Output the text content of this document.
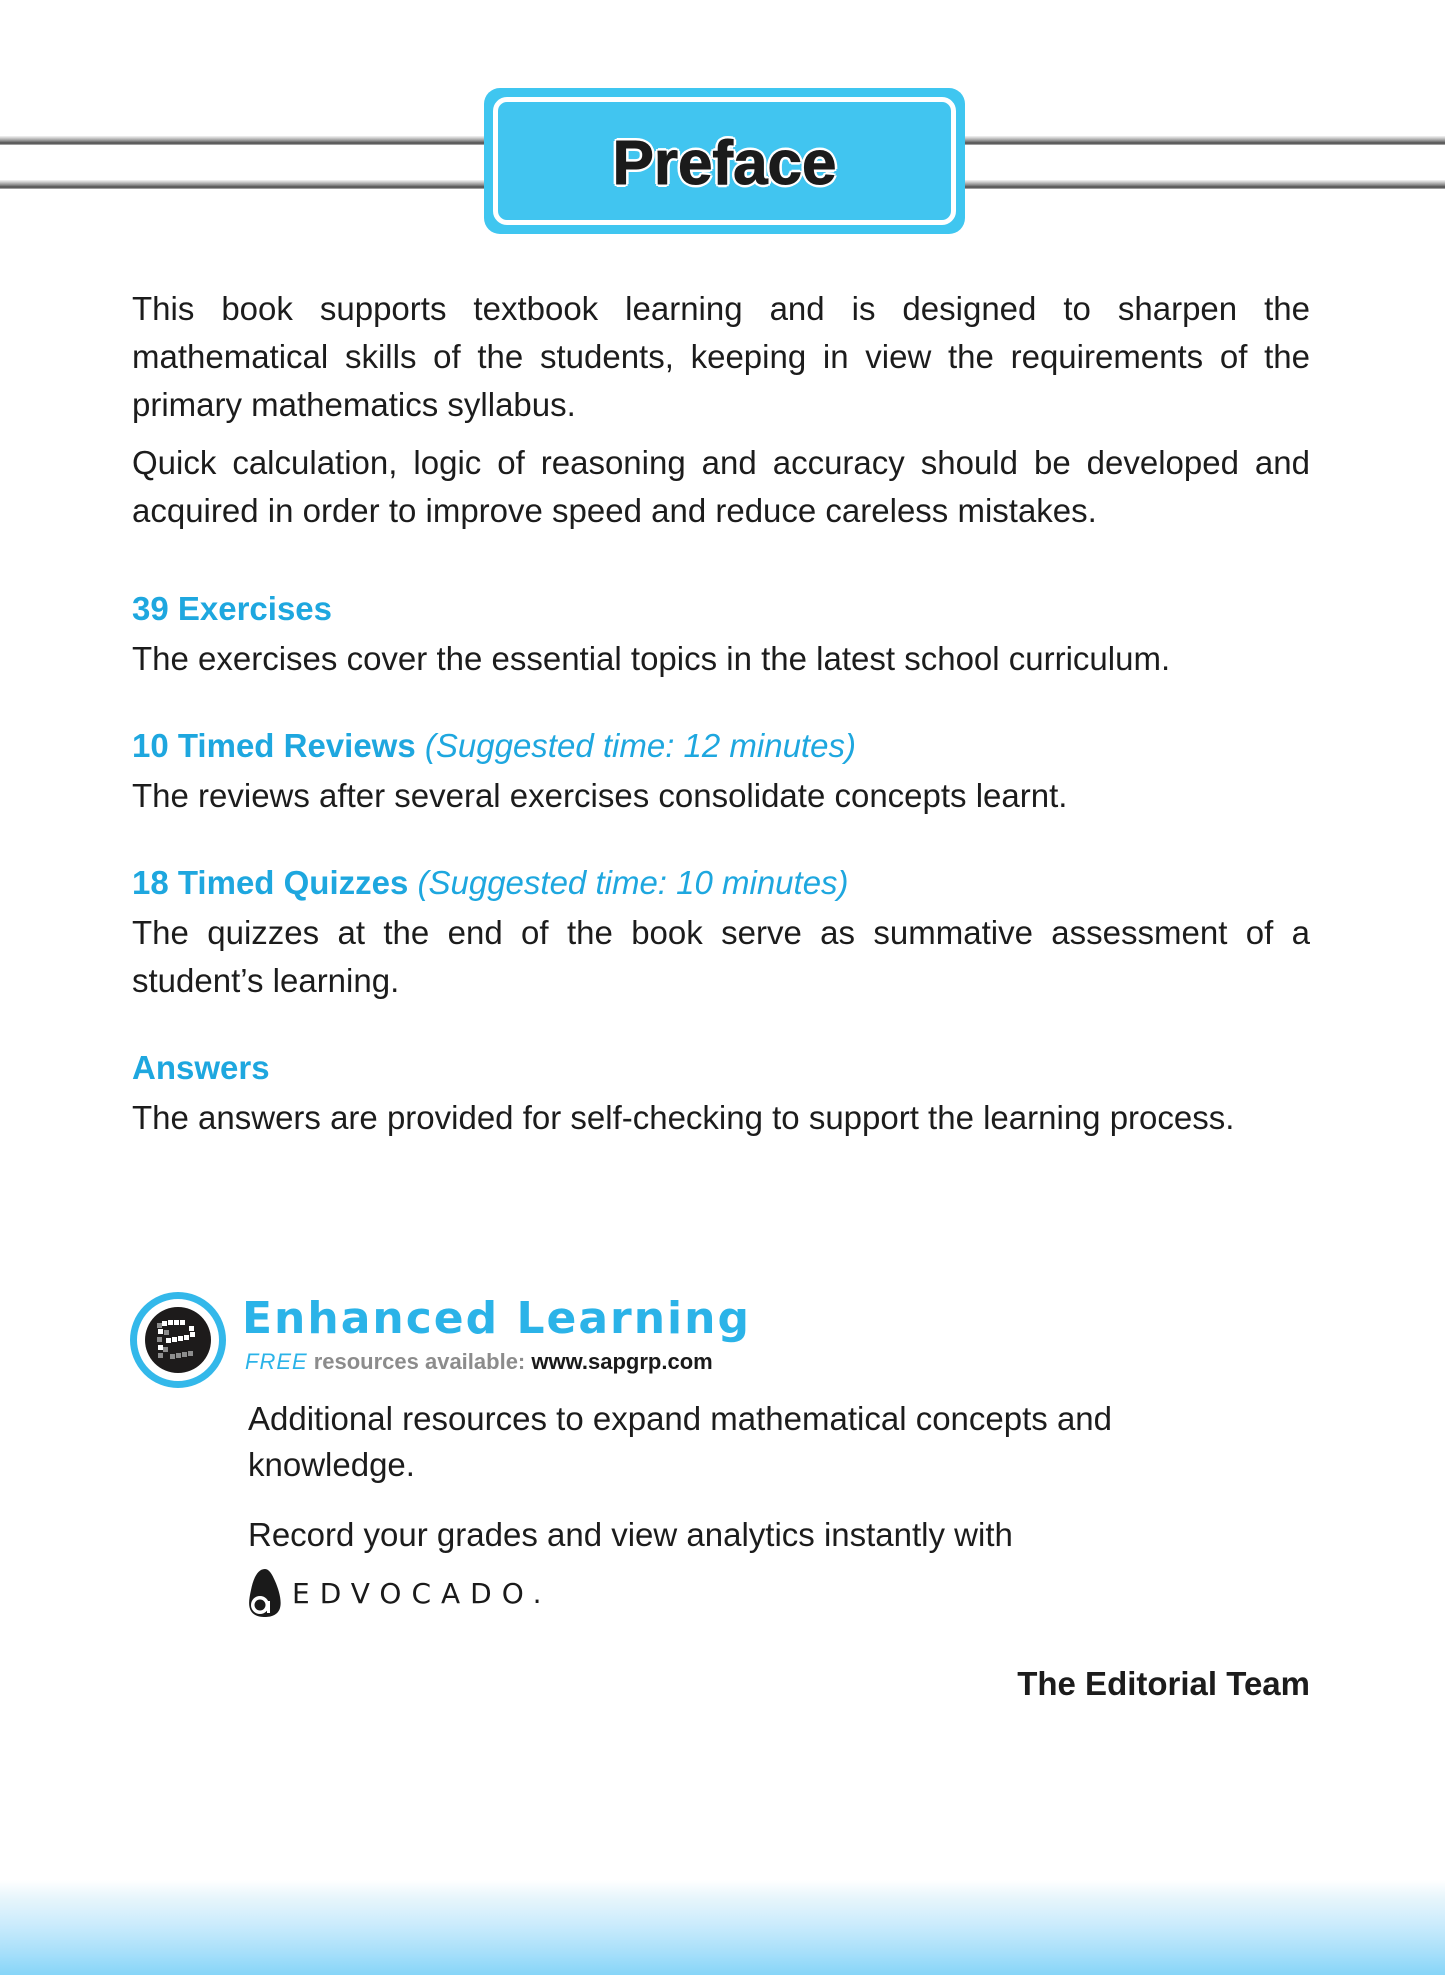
Preface

This book supports textbook learning and is designed to sharpen the mathematical skills of the students, keeping in view the requirements of the primary mathematics syllabus.

Quick calculation, logic of reasoning and accuracy should be developed and acquired in order to improve speed and reduce careless mistakes.

39 Exercises

The exercises cover the essential topics in the latest school curriculum.

10 Timed Reviews (Suggested time: 12 minutes)

The reviews after several exercises consolidate concepts learnt.

18 Timed Quizzes (Suggested time: 10 minutes)

The quizzes at the end of the book serve as summative assessment of a student’s learning.

Answers

The answers are provided for self-checking to support the learning process.

Enhanced Learning
FREE resources available: www.sapgrp.com

Additional resources to expand mathematical concepts and knowledge.

Record your grades and view analytics instantly with

EDVOCADO.
The Editorial Team
